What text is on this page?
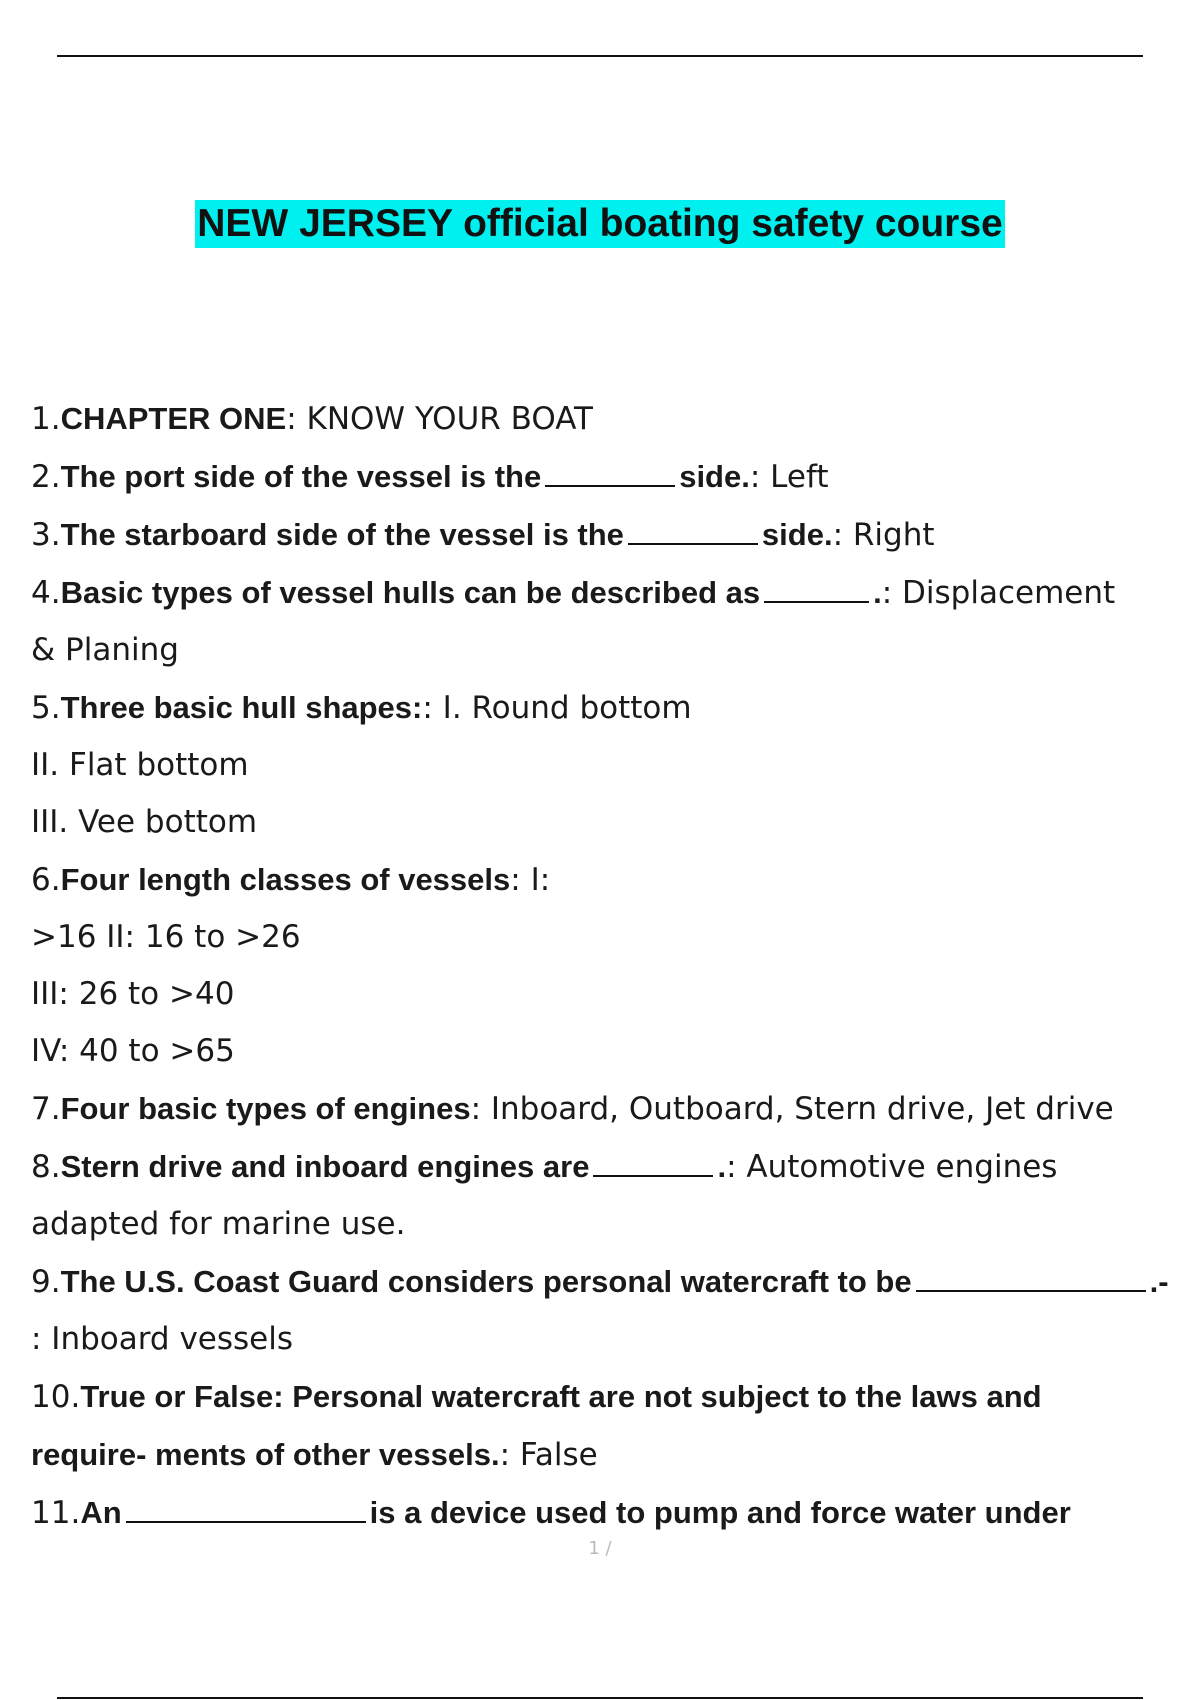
NEW JERSEY official boating safety course
1.CHAPTER ONE: KNOW YOUR BOAT
2.The port side of the vessel is the	side.: Left
3.The starboard side of the vessel is the	side.: Right
4.Basic types of vessel hulls can be described as	.: Displacement
& Planing
5.Three basic hull shapes:: I. Round bottom
II. Flat bottom
III. Vee bottom
6.Four length classes of vessels: I:
>16 II: 16 to >26
III: 26 to >40
IV: 40 to >65
7.Four basic types of engines: Inboard, Outboard, Stern drive, Jet drive
8.Stern drive and inboard engines are	.: Automotive engines
adapted for marine use.
9.The U.S. Coast Guard considers personal watercraft to be	.-
: Inboard vessels
10.True or False: Personal watercraft are not subject to the laws and
require- ments of other vessels.: False
11.An	is a device used to pump and force water under
1 /
